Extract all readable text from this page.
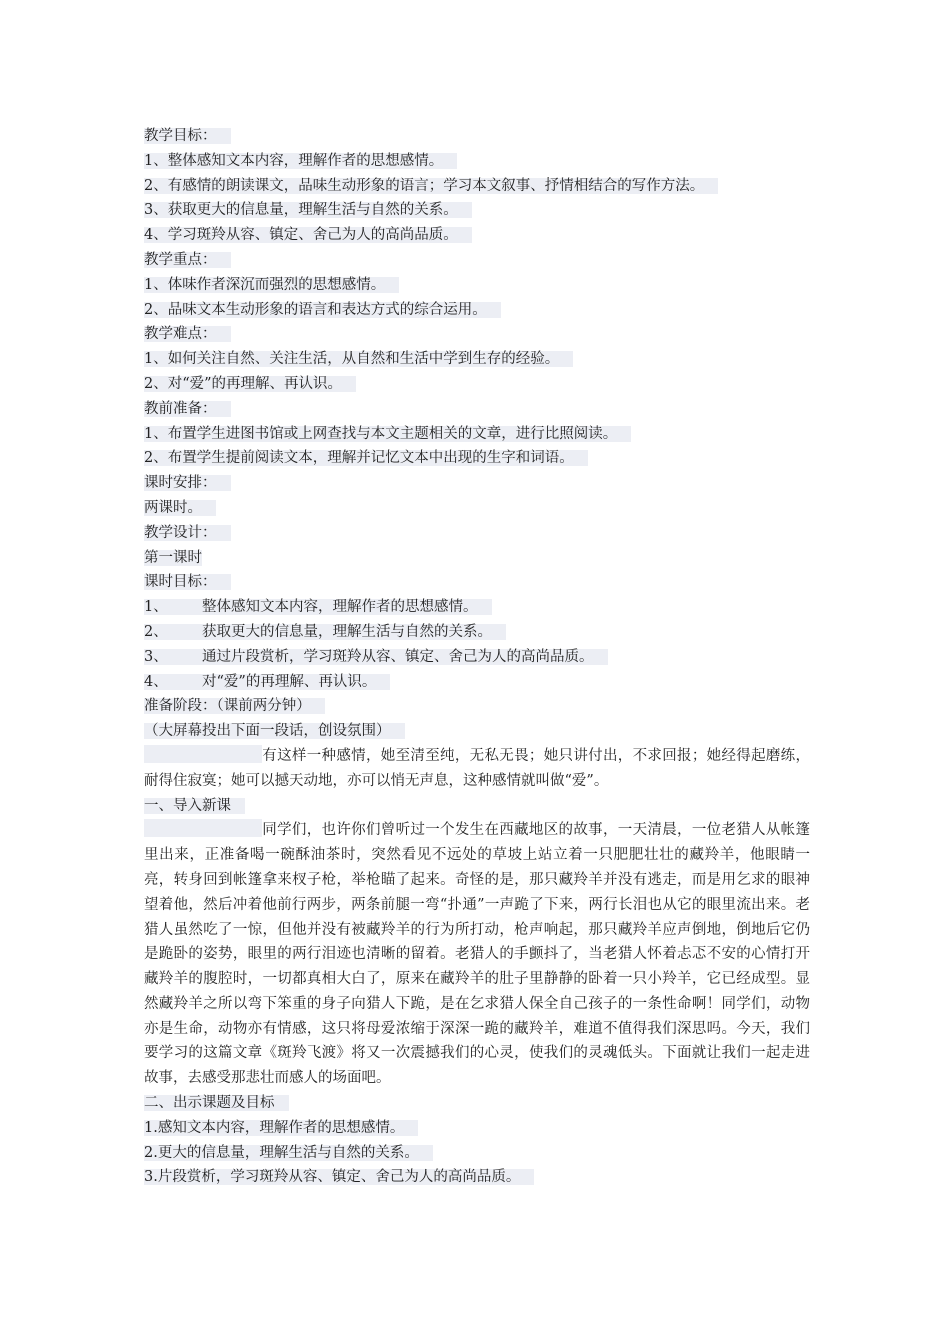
教学目标：
1、整体感知文本内容，理解作者的思想感情。
2、有感情的朗读课文，品味生动形象的语言；学习本文叙事、抒情相结合的写作方法。
3、获取更大的信息量，理解生活与自然的关系。
4、学习斑羚从容、镇定、舍己为人的高尚品质。
教学重点：
1、体味作者深沉而强烈的思想感情。
2、品味文本生动形象的语言和表达方式的综合运用。
教学难点：
1、如何关注自然、关注生活，从自然和生活中学到生存的经验。
2、对“爱”的再理解、再认识。
教前准备：
1、布置学生进图书馆或上网查找与本文主题相关的文章，进行比照阅读。
2、布置学生提前阅读文本，理解并记忆文本中出现的生字和词语。
课时安排：
两课时。
教学设计：
第一课时
课时目标：
1、 整体感知文本内容，理解作者的思想感情。
2、 获取更大的信息量，理解生活与自然的关系。
3、 通过片段赏析，学习斑羚从容、镇定、舍己为人的高尚品质。
4、 对“爱”的再理解、再认识。
准备阶段：（课前两分钟）
（大屏幕投出下面一段话，创设氛围）
有这样一种感情，她至清至纯，无私无畏；她只讲付出，不求回报；她经得起磨练，耐得住寂寞；她可以撼天动地，亦可以悄无声息，这种感情就叫做“爱”。
一、导入新课
同学们，也许你们曾听过一个发生在西藏地区的故事，一天清晨，一位老猎人从帐篷里出来，正准备喝一碗酥油茶时，突然看见不远处的草坡上站立着一只肥肥壮壮的藏羚羊，他眼睛一亮，转身回到帐篷拿来杈子枪，举枪瞄了起来。奇怪的是，那只藏羚羊并没有逃走，而是用乞求的眼神望着他，然后冲着他前行两步，两条前腿一弯“扑通”一声跪了下来，两行长泪也从它的眼里流出来。老猎人虽然吃了一惊，但他并没有被藏羚羊的行为所打动，枪声响起，那只藏羚羊应声倒地，倒地后它仍是跪卧的姿势，眼里的两行泪迹也清晰的留着。老猎人的手颤抖了，当老猎人怀着忐忑不安的心情打开藏羚羊的腹腔时，一切都真相大白了，原来在藏羚羊的肚子里静静的卧着一只小羚羊，它已经成型。显然藏羚羊之所以弯下笨重的身子向猎人下跪，是在乞求猎人保全自己孩子的一条性命啊！同学们，动物亦是生命，动物亦有情感，这只将母爱浓缩于深深一跪的藏羚羊，难道不值得我们深思吗。今天，我们要学习的这篇文章《斑羚飞渡》将又一次震撼我们的心灵，使我们的灵魂低头。下面就让我们一起走进故事，去感受那悲壮而感人的场面吧。
二、出示课题及目标
1.感知文本内容，理解作者的思想感情。
2.更大的信息量，理解生活与自然的关系。
3.片段赏析，学习斑羚从容、镇定、舍己为人的高尚品质。
